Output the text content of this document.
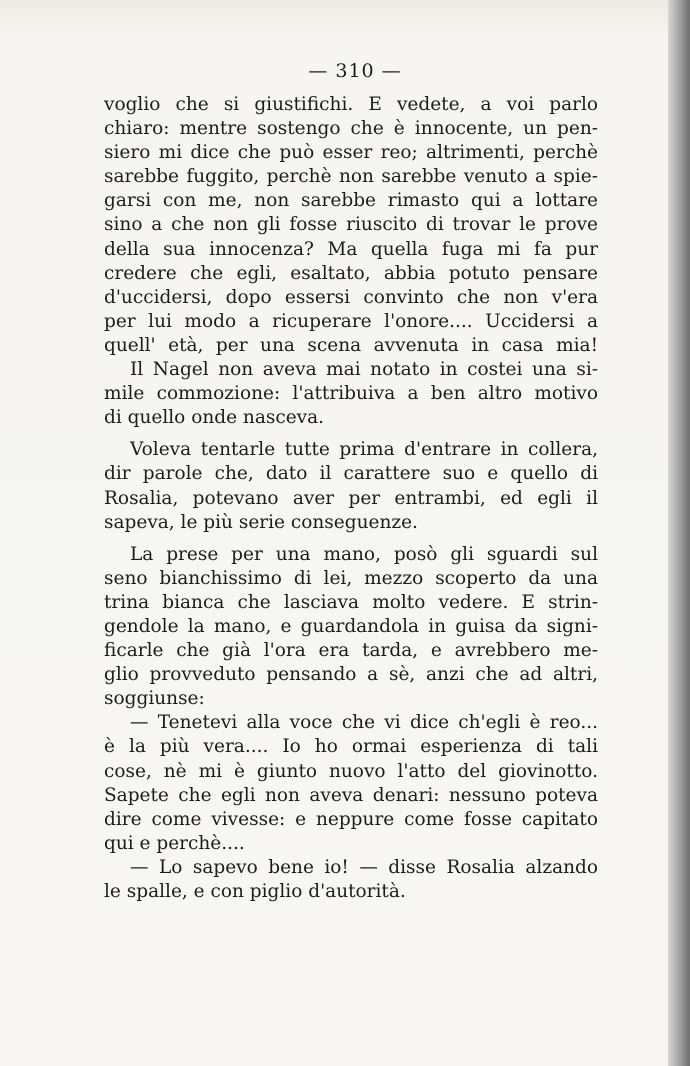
— 310 —

voglio che si giustifichi. E vedete, a voi parlo
chiaro: mentre sostengo che è innocente, un pen-
siero mi dice che può esser reo; altrimenti, perchè
sarebbe fuggito, perchè non sarebbe venuto a spie-
garsi con me, non sarebbe rimasto qui a lottare
sino a che non gli fosse riuscito di trovar le prove
della sua innocenza? Ma quella fuga mi fa pur
credere che egli, esaltato, abbia potuto pensare
d'uccidersi, dopo essersi convinto che non v'era
per lui modo a ricuperare l'onore.... Uccidersi a
quell' età, per una scena avvenuta in casa mia!
Il Nagel non aveva mai notato in costei una si-
mile commozione: l'attribuiva a ben altro motivo
di quello onde nasceva.
Voleva tentarle tutte prima d'entrare in collera,
dir parole che, dato il carattere suo e quello di
Rosalia, potevano aver per entrambi, ed egli il
sapeva, le più serie conseguenze.
La prese per una mano, posò gli sguardi sul
seno bianchissimo di lei, mezzo scoperto da una
trina bianca che lasciava molto vedere. E strin-
gendole la mano, e guardandola in guisa da signi-
ficarle che già l'ora era tarda, e avrebbero me-
glio provveduto pensando a sè, anzi che ad altri,
soggiunse:
— Tenetevi alla voce che vi dice ch'egli è reo...
è la più vera.... Io ho ormai esperienza di tali
cose, nè mi è giunto nuovo l'atto del giovinotto.
Sapete che egli non aveva denari: nessuno poteva
dire come vivesse: e neppure come fosse capitato
qui e perchè....
— Lo sapevo bene io! — disse Rosalia alzando
le spalle, e con piglio d'autorità.
